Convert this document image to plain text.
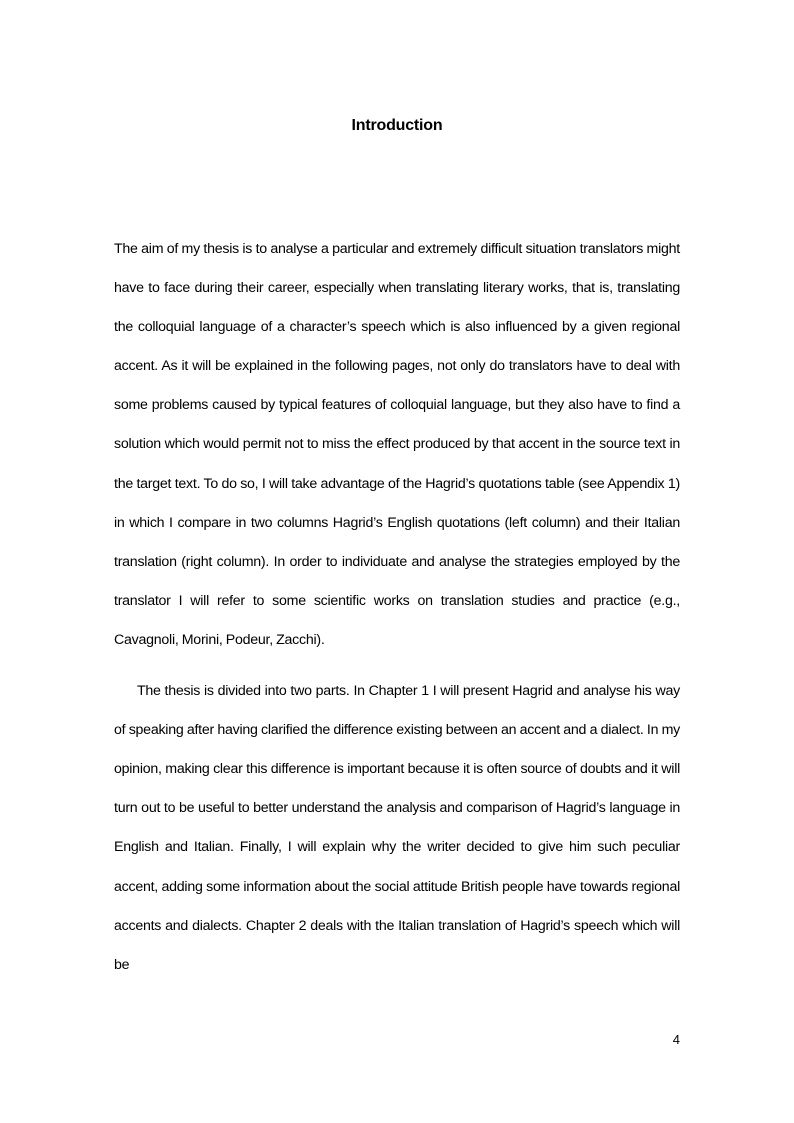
Introduction

The aim of my thesis is to analyse a particular and extremely difficult situation translators might have to face during their career, especially when translating literary works, that is, translating the colloquial language of a character’s speech which is also influenced by a given regional accent. As it will be explained in the following pages, not only do translators have to deal with some problems caused by typical features of colloquial language, but they also have to find a solution which would permit not to miss the effect produced by that accent in the source text in the target text. To do so, I will take advantage of the Hagrid’s quotations table (see Appendix 1) in which I compare in two columns Hagrid’s English quotations (left column) and their Italian translation (right column). In order to individuate and analyse the strategies employed by the translator I will refer to some scientific works on translation studies and practice (e.g., Cavagnoli, Morini, Podeur, Zacchi).

The thesis is divided into two parts. In Chapter 1 I will present Hagrid and analyse his way of speaking after having clarified the difference existing between an accent and a dialect. In my opinion, making clear this difference is important because it is often source of doubts and it will turn out to be useful to better understand the analysis and comparison of Hagrid’s language in English and Italian. Finally, I will explain why the writer decided to give him such peculiar accent, adding some information about the social attitude British people have towards regional accents and dialects. Chapter 2 deals with the Italian translation of Hagrid’s speech which will be

4
